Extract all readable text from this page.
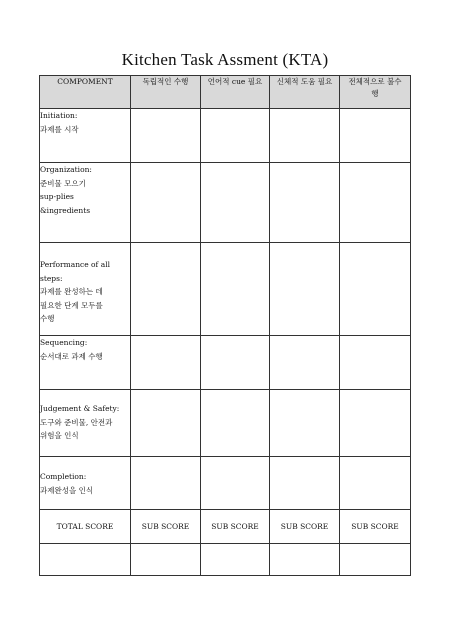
Kitchen Task Assment (KTA)
COMPOMENT	독립적인 수행	언어적 cue 필요	신체적 도움 필요	전체적으로 불수행

Initiation:
과제를 시작				

Organization:
준비물 모으기
sup-plies
&ingredients				

Performance of all
steps:
과제를 완성하는 데
필요한 단계 모두를
수행				

Sequencing:
순서대로 과제 수행				

Judgement & Safety:
도구와 준비물, 안전과
위험을 인식				

Completion:
과제완성을 인식				

TOTAL SCORE	SUB SCORE	SUB SCORE	SUB SCORE	SUB SCORE
